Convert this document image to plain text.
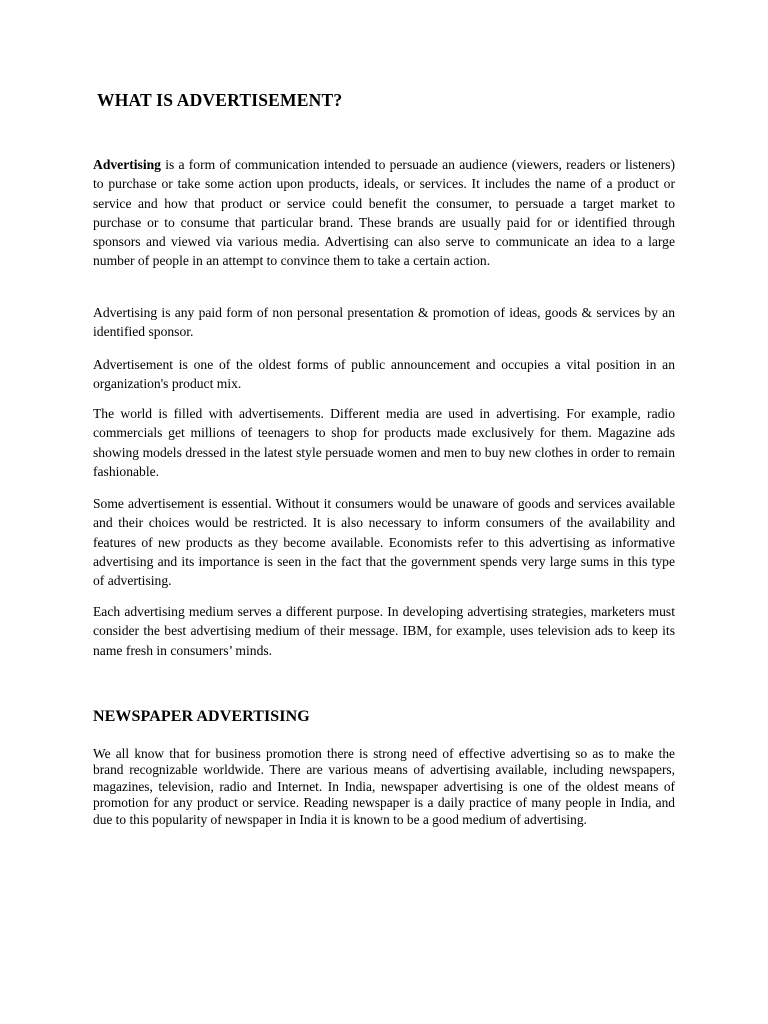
WHAT IS ADVERTISEMENT?

Advertising is a form of communication intended to persuade an audience (viewers, readers or listeners) to purchase or take some action upon products, ideals, or services. It includes the name of a product or service and how that product or service could benefit the consumer, to persuade a target market to purchase or to consume that particular brand. These brands are usually paid for or identified through sponsors and viewed via various media. Advertising can also serve to communicate an idea to a large number of people in an attempt to convince them to take a certain action.

Advertising is any paid form of non personal presentation & promotion of ideas, goods & services by an identified sponsor.

Advertisement is one of the oldest forms of public announcement and occupies a vital position in an organization's product mix.

The world is filled with advertisements. Different media are used in advertising. For example, radio commercials get millions of teenagers to shop for products made exclusively for them. Magazine ads showing models dressed in the latest style persuade women and men to buy new clothes in order to remain fashionable.

Some advertisement is essential. Without it consumers would be unaware of goods and services available and their choices would be restricted. It is also necessary to inform consumers of the availability and features of new products as they become available. Economists refer to this advertising as informative advertising and its importance is seen in the fact that the government spends very large sums in this type of advertising.

Each advertising medium serves a different purpose. In developing advertising strategies, marketers must consider the best advertising medium of their message. IBM, for example, uses television ads to keep its name fresh in consumers’ minds.

NEWSPAPER ADVERTISING

We all know that for business promotion there is strong need of effective advertising so as to make the brand recognizable worldwide. There are various means of advertising available, including newspapers, magazines, television, radio and Internet. In India, newspaper advertising is one of the oldest means of promotion for any product or service. Reading newspaper is a daily practice of many people in India, and due to this popularity of newspaper in India it is known to be a good medium of advertising.
